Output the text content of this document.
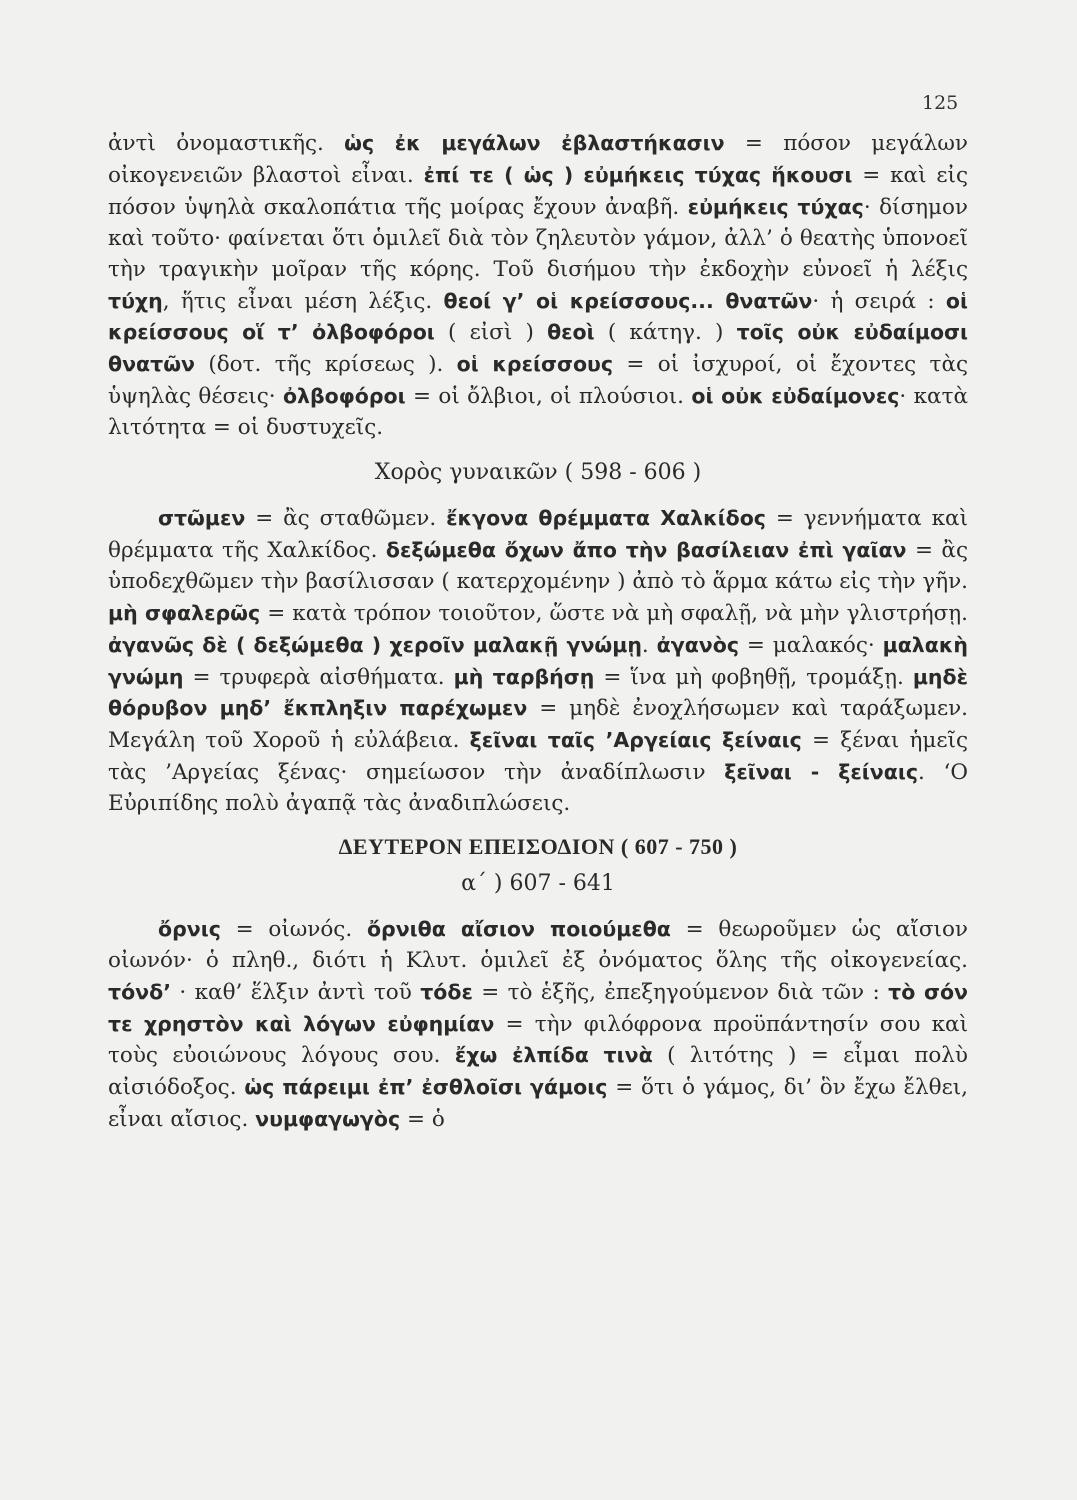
125

ἀντὶ ὀνομαστικῆς. ὡς ἐκ μεγάλων ἐβλαστήκασιν = πόσον μεγάλων οἰκογενειῶν βλαστοὶ εἶναι. ἐπί τε ( ὡς ) εὐμήκεις τύχας ἥκουσι = καὶ εἰς πόσον ὑψηλὰ σκαλοπάτια τῆς μοίρας ἔχουν ἀναβῆ. εὐμήκεις τύχας· δίσημον καὶ τοῦτο· φαίνεται ὅτι ὁμιλεῖ διὰ τὸν ζηλευτὸν γάμον, ἀλλ’ ὁ θεατὴς ὑπονοεῖ τὴν τραγικὴν μοῖραν τῆς κόρης. Τοῦ δισήμου τὴν ἐκδοχὴν εὐνοεῖ ἡ λέξις τύχη, ἥτις εἶναι μέση λέξις. θεοί γ’ οἱ κρείσσους... θνατῶν· ἡ σειρά : οἱ κρείσσους οἵ τ’ ὀλβοφόροι ( εἰσὶ ) θεοὶ ( κάτηγ. ) τοῖς οὐκ εὐδαίμοσι θνατῶν (δοτ. τῆς κρίσεως ). οἱ κρείσσους = οἱ ἰσχυροί, οἱ ἔχοντες τὰς ὑψηλὰς θέσεις· ὀλβοφόροι = οἱ ὄλβιοι, οἱ πλούσιοι. οἱ οὐκ εὐδαίμονες· κατὰ λιτότητα = οἱ δυστυχεῖς.

Χορὸς γυναικῶν ( 598 - 606 )

στῶμεν = ἂς σταθῶμεν. ἔκγονα θρέμματα Χαλκίδος = γεννήματα καὶ θρέμματα τῆς Χαλκίδος. δεξώμεθα ὄχων ἄπο τὴν βασίλειαν ἐπὶ γαῖαν = ἂς ὑποδεχθῶμεν τὴν βασίλισσαν ( κατερχομένην ) ἀπὸ τὸ ἅρμα κάτω εἰς τὴν γῆν. μὴ σφαλερῶς = κατὰ τρόπον τοιοῦτον, ὥστε νὰ μὴ σφαλῇ, νὰ μὴν γλιστρήσῃ. ἀγανῶς δὲ ( δεξώμεθα ) χεροῖν μαλακῇ γνώμῃ. ἀγανὸς = μαλακός· μαλακὴ γνώμη = τρυφερὰ αἰσθήματα. μὴ ταρβήσῃ = ἵνα μὴ φοβηθῇ, τρομάξῃ. μηδὲ θόρυβον μηδ’ ἔκπληξιν παρέχωμεν = μηδὲ ἐνοχλήσωμεν καὶ ταράξωμεν. Μεγάλη τοῦ Χοροῦ ἡ εὐλάβεια. ξεῖναι ταῖς ’Αργείαις ξείναις = ξέναι ἡμεῖς τὰς ’Αργείας ξένας· σημείωσον τὴν ἀναδίπλωσιν ξεῖναι - ξείναις. ‘Ο Εὐριπίδης πολὺ ἀγαπᾷ τὰς ἀναδιπλώσεις.

ΔΕΥΤΕΡΟΝ ΕΠΕΙΣΟΔΙΟΝ ( 607 - 750 )
α΄ ) 607 - 641

ὄρνις = οἰωνός. ὄρνιθα αἴσιον ποιούμεθα = θεωροῦμεν ὡς αἴσιον οἰωνόν· ὁ πληθ., διότι ἡ Κλυτ. ὁμιλεῖ ἐξ ὀνόματος ὅλης τῆς οἰκογενείας. τόνδ’ · καθ’ ἕλξιν ἀντὶ τοῦ τόδε = τὸ ἑξῆς, ἐπεξηγούμενον διὰ τῶν : τὸ σόν τε χρηστὸν καὶ λόγων εὐφημίαν = τὴν φιλόφρονα προϋπάντησίν σου καὶ τοὺς εὐοιώνους λόγους σου. ἔχω ἐλπίδα τινὰ ( λιτότης ) = εἶμαι πολὺ αἰσιόδοξος. ὡς πάρειμι ἐπ’ ἐσθλοῖσι γάμοις = ὅτι ὁ γάμος, δι’ ὃν ἔχω ἔλθει, εἶναι αἴσιος. νυμφαγωγὸς = ὁ
